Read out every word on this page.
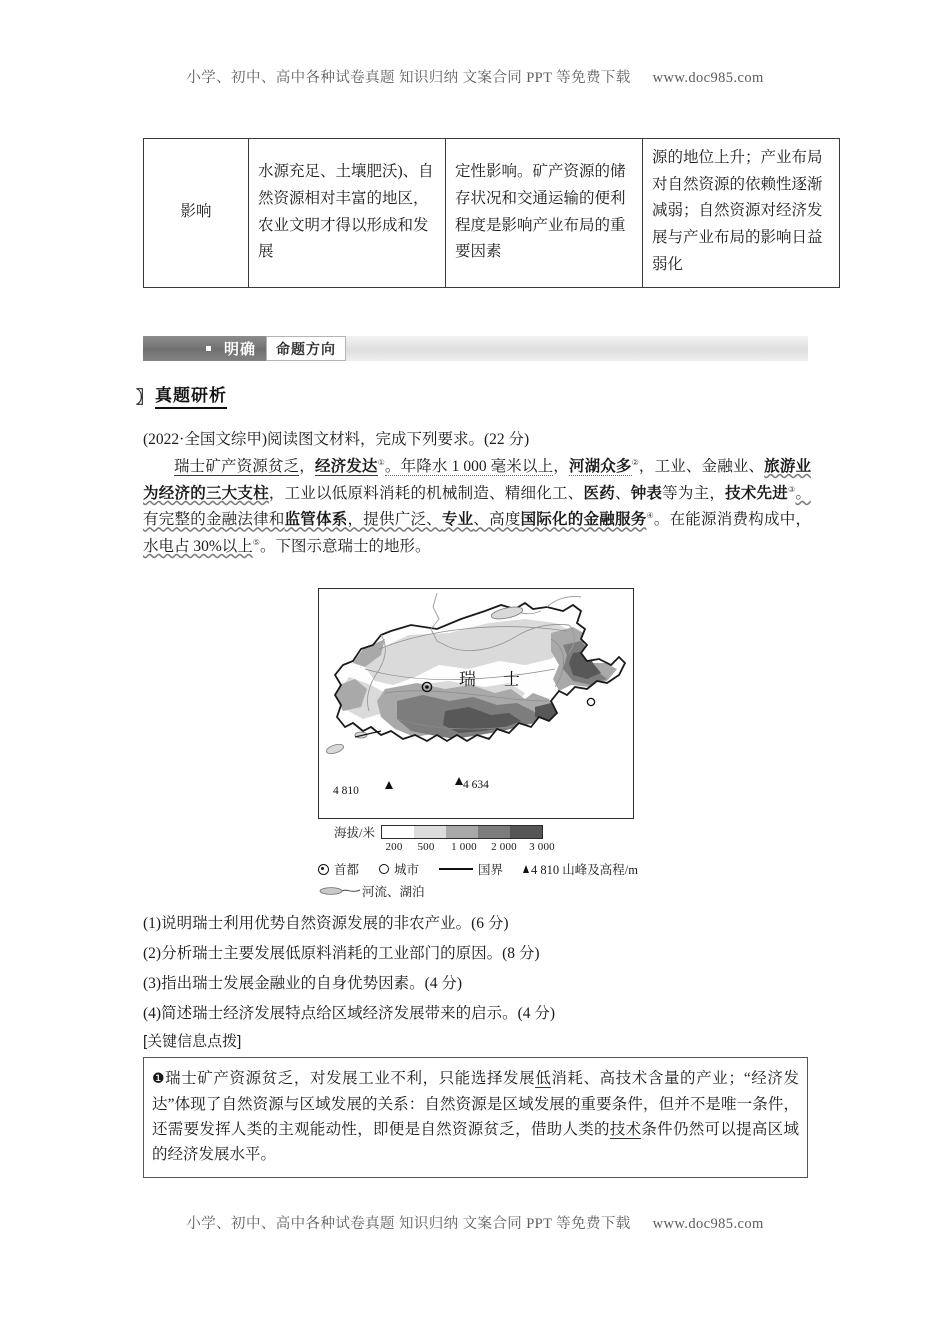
小学、初中、高中各种试卷真题 知识归纳 文案合同 PPT 等免费下载 www.doc985.com
影响	水源充足、土壤肥沃)、自然资源相对丰富的地区，农业文明才得以形成和发展	定性影响。矿产资源的储存状况和交通运输的便利程度是影响产业布局的重要因素	源的地位上升；产业布局对自然资源的依赖性逐渐减弱；自然资源对经济发展与产业布局的影响日益弱化
明确 命题方向
〗 真题研析
(2022·全国文综甲)阅读图文材料，完成下列要求。(22 分)
瑞士矿产资源贫乏，经济发达①。年降水 1 000 毫米以上，河湖众多②，工业、金融业、旅游业为经济的三大支柱，工业以低原料消耗的机械制造、精细化工、医药、钟表等为主，技术先进③。有完整的金融法律和监管体系，提供广泛、专业、高度国际化的金融服务④。在能源消费构成中，水电占 30%以上⑤。下图示意瑞士的地形。
瑞 士
4 810	4 634
海拔/米
200 500 1 000 2 000 3 000
首都	城市	国界 4 810 山峰及高程/m
河流、湖泊
(1)说明瑞士利用优势自然资源发展的非农产业。(6 分)
(2)分析瑞士主要发展低原料消耗的工业部门的原因。(8 分)
(3)指出瑞士发展金融业的自身优势因素。(4 分)
(4)简述瑞士经济发展特点给区域经济发展带来的启示。(4 分)
[关键信息点拨]
❶瑞士矿产资源贫乏，对发展工业不利，只能选择发展低消耗、高技术含量的产业；“经济发达”体现了自然资源与区域发展的关系：自然资源是区域发展的重要条件，但并不是唯一条件，还需要发挥人类的主观能动性，即便是自然资源贫乏，借助人类的技术条件仍然可以提高区域的经济发展水平。
小学、初中、高中各种试卷真题 知识归纳 文案合同 PPT 等免费下载 www.doc985.com
